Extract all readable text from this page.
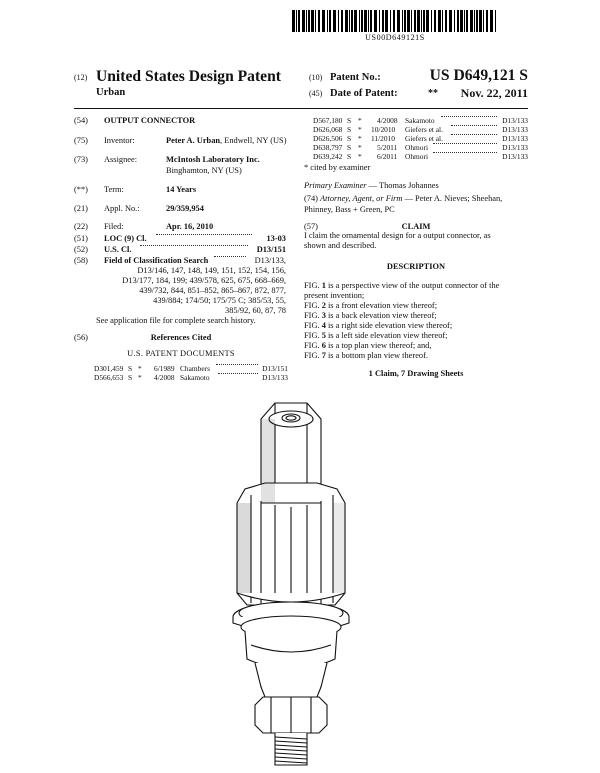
US00D649121S
(12) United States Design Patent
Urban
(10) Patent No.:	US D649,121 S
(45) Date of Patent:	**	Nov. 22, 2011
(54) OUTPUT CONNECTOR
(75) Inventor:	Peter A. Urban, Endwell, NY (US)
(73) Assignee:	McIntosh Laboratory Inc.
Binghamton, NY (US)
(**) Term:	14 Years
(21) Appl. No.:	29/359,954
(22) Filed:	Apr. 16, 2010
(51) LOC (9) Cl.	13-03
(52) U.S. Cl.	D13/151
(58) Field of Classification Search	D13/133,
D13/146, 147, 148, 149, 151, 152, 154, 156,
D13/177, 184, 199; 439/578, 625, 675, 668–669,
439/732, 844, 851–852, 865–867, 872, 877,
439/884; 174/50; 175/75 C; 385/53, 55,
385/92, 60, 87, 78
See application file for complete search history.
(56)	References Cited
U.S. PATENT DOCUMENTS
D301,459 S * 6/1989 Chambers	D13/151
D566,653 S * 4/2008 Sakamoto	D13/133
D567,180 S * 4/2008 Sakamoto	D13/133
D626,068 S * 10/2010 Giefers et al.	D13/133
D626,506 S * 11/2010 Giefers et al.	D13/133
D638,797 S * 5/2011 Ohmori	D13/133
D639,242 S * 6/2011 Ohmori	D13/133
* cited by examiner
Primary Examiner — Thomas Johannes
(74) Attorney, Agent, or Firm — Peter A. Nieves; Sheehan,
Phinney, Bass + Green, PC
(57)	CLAIM
I claim the ornamental design for a output connector, as
shown and described.
DESCRIPTION
FIG. 1 is a perspective view of the output connector of the
present invention;
FIG. 2 is a front elevation view thereof;
FIG. 3 is a back elevation view thereof;
FIG. 4 is a right side elevation view thereof;
FIG. 5 is a left side elevation view thereof;
FIG. 6 is a top plan view thereof; and,
FIG. 7 is a bottom plan view thereof.
1 Claim, 7 Drawing Sheets
